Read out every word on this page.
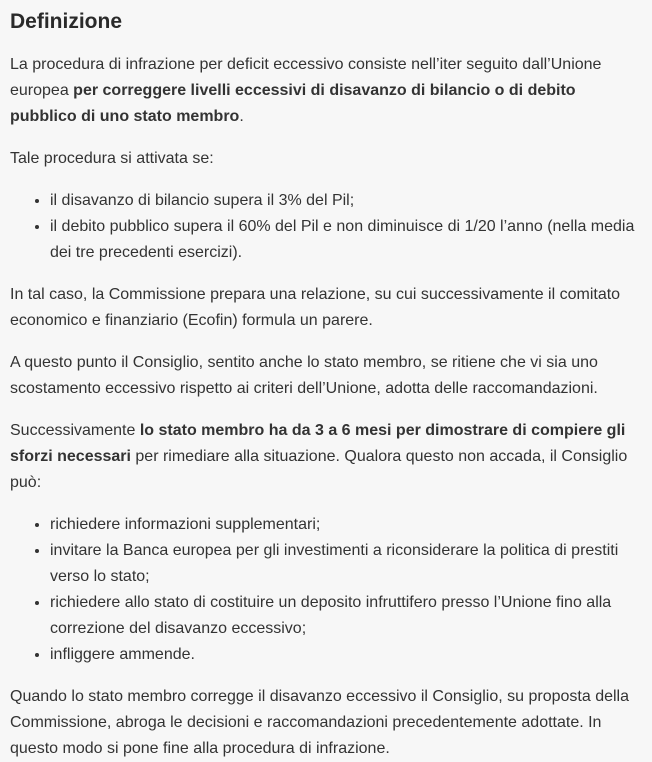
Definizione

La procedura di infrazione per deficit eccessivo consiste nell’iter seguito dall’Unione europea per correggere livelli eccessivi di disavanzo di bilancio o di debito pubblico di uno stato membro.

Tale procedura si attivata se:

• il disavanzo di bilancio supera il 3% del Pil;
• il debito pubblico supera il 60% del Pil e non diminuisce di 1/20 l’anno (nella media dei tre precedenti esercizi).

In tal caso, la Commissione prepara una relazione, su cui successivamente il comitato economico e finanziario (Ecofin) formula un parere.

A questo punto il Consiglio, sentito anche lo stato membro, se ritiene che vi sia uno scostamento eccessivo rispetto ai criteri dell’Unione, adotta delle raccomandazioni.

Successivamente lo stato membro ha da 3 a 6 mesi per dimostrare di compiere gli sforzi necessari per rimediare alla situazione. Qualora questo non accada, il Consiglio può:

• richiedere informazioni supplementari;
• invitare la Banca europea per gli investimenti a riconsiderare la politica di prestiti verso lo stato;
• richiedere allo stato di costituire un deposito infruttifero presso l’Unione fino alla correzione del disavanzo eccessivo;
• infliggere ammende.

Quando lo stato membro corregge il disavanzo eccessivo il Consiglio, su proposta della Commissione, abroga le decisioni e raccomandazioni precedentemente adottate. In questo modo si pone fine alla procedura di infrazione.
